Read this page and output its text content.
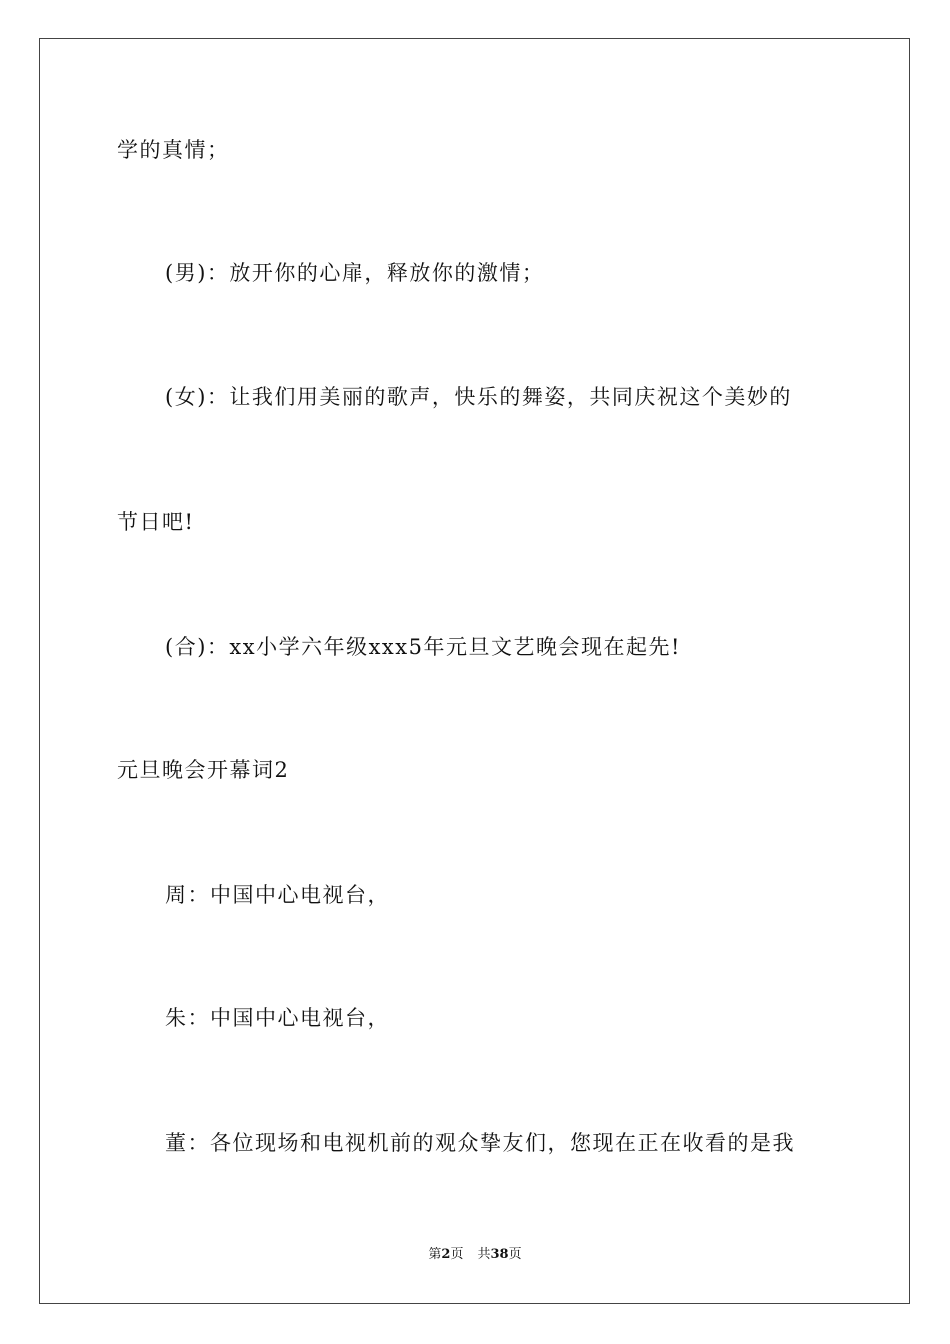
学的真情；
(男)：放开你的心扉，释放你的激情；
(女)：让我们用美丽的歌声，快乐的舞姿，共同庆祝这个美妙的
节日吧!
(合)：xx小学六年级xxx5年元旦文艺晚会现在起先!
元旦晚会开幕词2
周：中国中心电视台，
朱：中国中心电视台，
董：各位现场和电视机前的观众挚友们，您现在正在收看的是我
第2页 共38页
